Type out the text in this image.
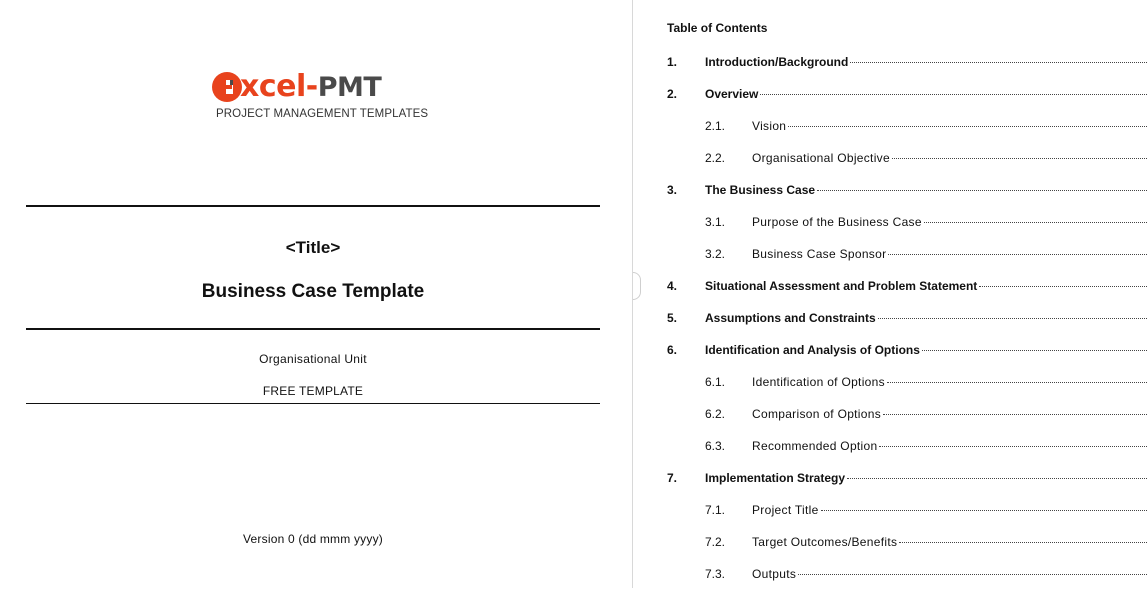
xcel-PMT
PROJECT MANAGEMENT TEMPLATES
<Title>
Business Case Template
Organisational Unit
FREE TEMPLATE
Version 0 (dd mmm yyyy)
Table of Contents
1.	Introduction/Background
2.	Overview
2.1.	Vision
2.2.	Organisational Objective
3.	The Business Case
3.1.	Purpose of the Business Case
3.2.	Business Case Sponsor
4.	Situational Assessment and Problem Statement
5.	Assumptions and Constraints
6.	Identification and Analysis of Options
6.1.	Identification of Options
6.2.	Comparison of Options
6.3.	Recommended Option
7.	Implementation Strategy
7.1.	Project Title
7.2.	Target Outcomes/Benefits
7.3.	Outputs
